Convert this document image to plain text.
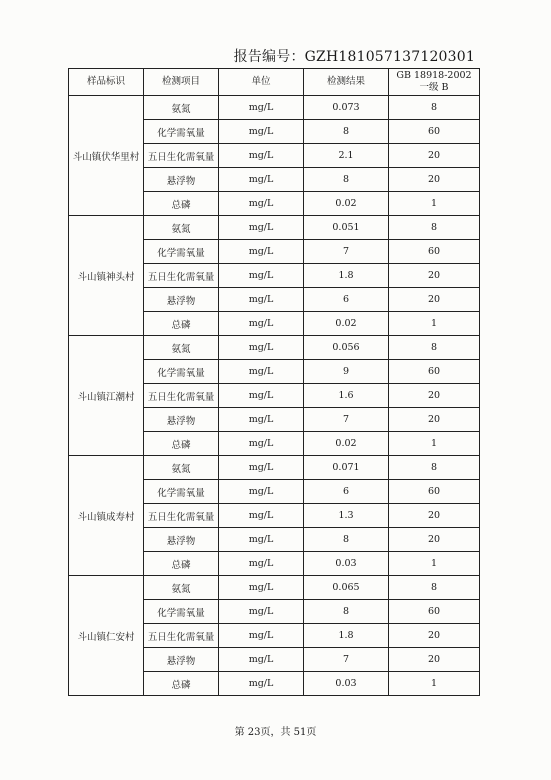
报告编号：GZH181057137120301
样品标识	检测项目	单位	检测结果	GB 18918-2002
一级 B
斗山镇伏华里村	氨氮	mg/L	0.073	8
	化学需氧量	mg/L	8	60
	五日生化需氧量	mg/L	2.1	20
	悬浮物	mg/L	8	20
	总磷	mg/L	0.02	1
斗山镇神头村	氨氮	mg/L	0.051	8
	化学需氧量	mg/L	7	60
	五日生化需氧量	mg/L	1.8	20
	悬浮物	mg/L	6	20
	总磷	mg/L	0.02	1
斗山镇江潮村	氨氮	mg/L	0.056	8
	化学需氧量	mg/L	9	60
	五日生化需氧量	mg/L	1.6	20
	悬浮物	mg/L	7	20
	总磷	mg/L	0.02	1
斗山镇成寿村	氨氮	mg/L	0.071	8
	化学需氧量	mg/L	6	60
	五日生化需氧量	mg/L	1.3	20
	悬浮物	mg/L	8	20
	总磷	mg/L	0.03	1
斗山镇仁安村	氨氮	mg/L	0.065	8
	化学需氧量	mg/L	8	60
	五日生化需氧量	mg/L	1.8	20
	悬浮物	mg/L	7	20
	总磷	mg/L	0.03	1
第 23页，共 51页
